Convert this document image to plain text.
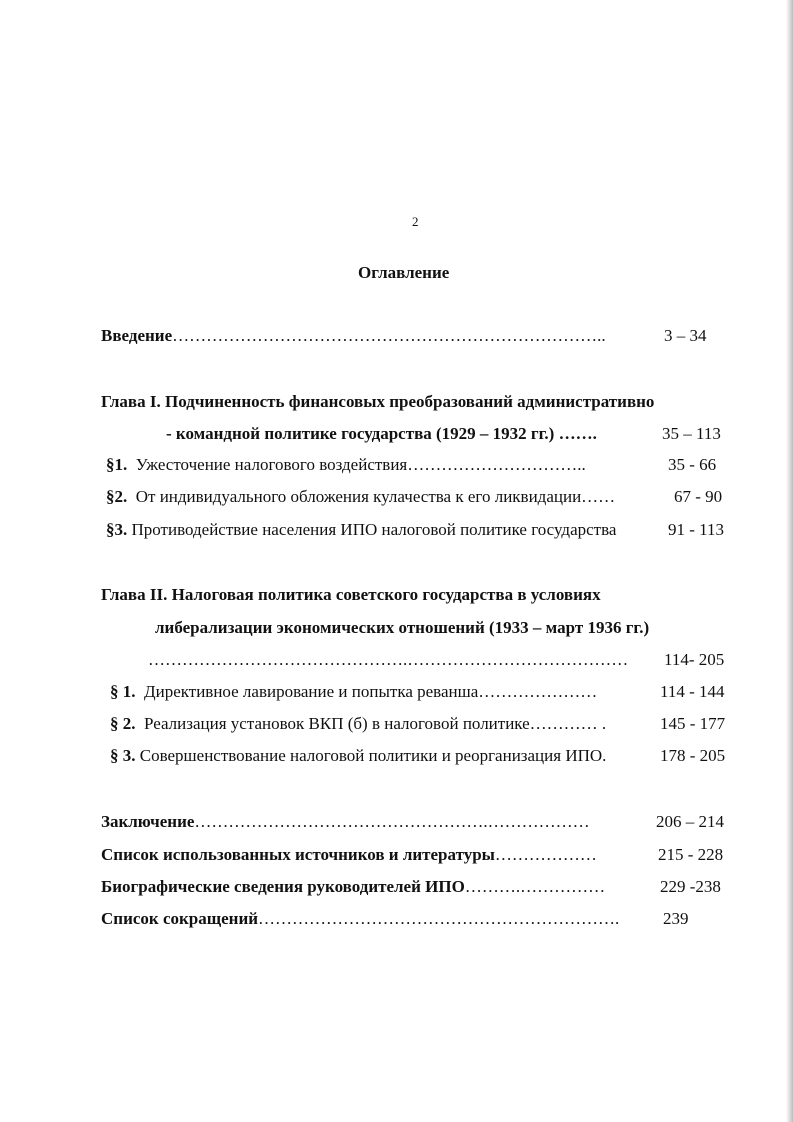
2
Оглавление
Введение…………………………………………………………………..	3 – 34
Глава I. Подчиненность финансовых преобразований административно
- командной политике государства (1929 – 1932 гг.) …….	35 – 113
§1. Ужесточение налогового воздействия…………………………..	35 - 66
§2. От индивидуального обложения кулачества к его ликвидации……	67 - 90
§3. Противодействие населения ИПО налоговой политике государства	91 - 113
Глава II. Налоговая политика советского государства в условиях
либерализации экономических отношений (1933 – март 1936 гг.)
……………………………………….………………………………… 114- 205
§ 1. Директивное лавирование и попытка реванша…………………	114 - 144
§ 2. Реализация установок ВКП (б) в налоговой политике………… .	145 - 177
§ 3. Совершенствование налоговой политики и реорганизация ИПО.	178 - 205
Заключение…………………………………………….………………	206 – 214
Список использованных источников и литературы………………	215 - 228
Биографические сведения руководителей ИПО……….……………	229 -238
Список сокращений……………………………………………………….	239
